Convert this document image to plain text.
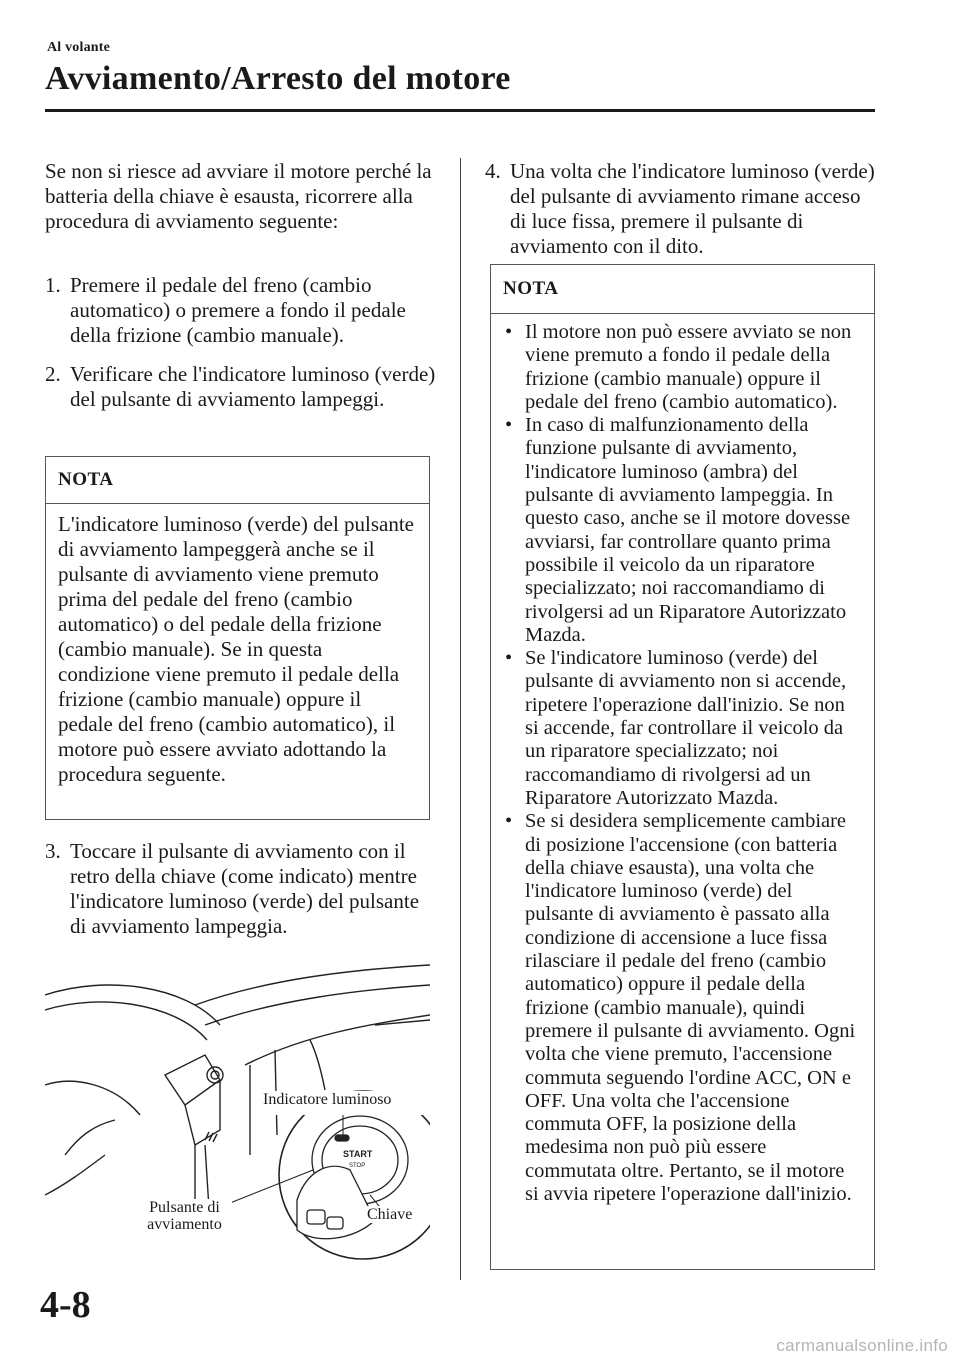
Al volante
Avviamento/Arresto del motore

Se non si riesce ad avviare il motore perché la batteria della chiave è esausta, ricorrere alla procedura di avviamento seguente:

1. Premere il pedale del freno (cambio automatico) o premere a fondo il pedale della frizione (cambio manuale).
2. Verificare che l'indicatore luminoso (verde) del pulsante di avviamento lampeggi.
NOTA
L'indicatore luminoso (verde) del pulsante di avviamento lampeggerà anche se il pulsante di avviamento viene premuto prima del pedale del freno (cambio automatico) o del pedale della frizione (cambio manuale). Se in questa condizione viene premuto il pedale della frizione (cambio manuale) oppure il pedale del freno (cambio automatico), il motore può essere avviato adottando la procedura seguente.
3. Toccare il pulsante di avviamento con il retro della chiave (come indicato) mentre l'indicatore luminoso (verde) del pulsante di avviamento lampeggia.
START
STOP
Indicatore luminoso
Pulsante di
avviamento
Chiave
4. Una volta che l'indicatore luminoso (verde) del pulsante di avviamento rimane acceso di luce fissa, premere il pulsante di avviamento con il dito.
NOTA
• Il motore non può essere avviato se non viene premuto a fondo il pedale della frizione (cambio manuale) oppure il pedale del freno (cambio automatico).
• In caso di malfunzionamento della funzione pulsante di avviamento, l'indicatore luminoso (ambra) del pulsante di avviamento lampeggia. In questo caso, anche se il motore dovesse avviarsi, far controllare quanto prima possibile il veicolo da un riparatore specializzato; noi raccomandiamo di rivolgersi ad un Riparatore Autorizzato Mazda.
• Se l'indicatore luminoso (verde) del pulsante di avviamento non si accende, ripetere l'operazione dall'inizio. Se non si accende, far controllare il veicolo da un riparatore specializzato; noi raccomandiamo di rivolgersi ad un Riparatore Autorizzato Mazda.
• Se si desidera semplicemente cambiare di posizione l'accensione (con batteria della chiave esausta), una volta che l'indicatore luminoso (verde) del pulsante di avviamento è passato alla condizione di accensione a luce fissa rilasciare il pedale del freno (cambio automatico) oppure il pedale della frizione (cambio manuale), quindi premere il pulsante di avviamento. Ogni volta che viene premuto, l'accensione commuta seguendo l'ordine ACC, ON e OFF. Una volta che l'accensione commuta OFF, la posizione della medesima non può più essere commutata oltre. Pertanto, se il motore si avvia ripetere l'operazione dall'inizio.
4-8
carmanualsonline.info
